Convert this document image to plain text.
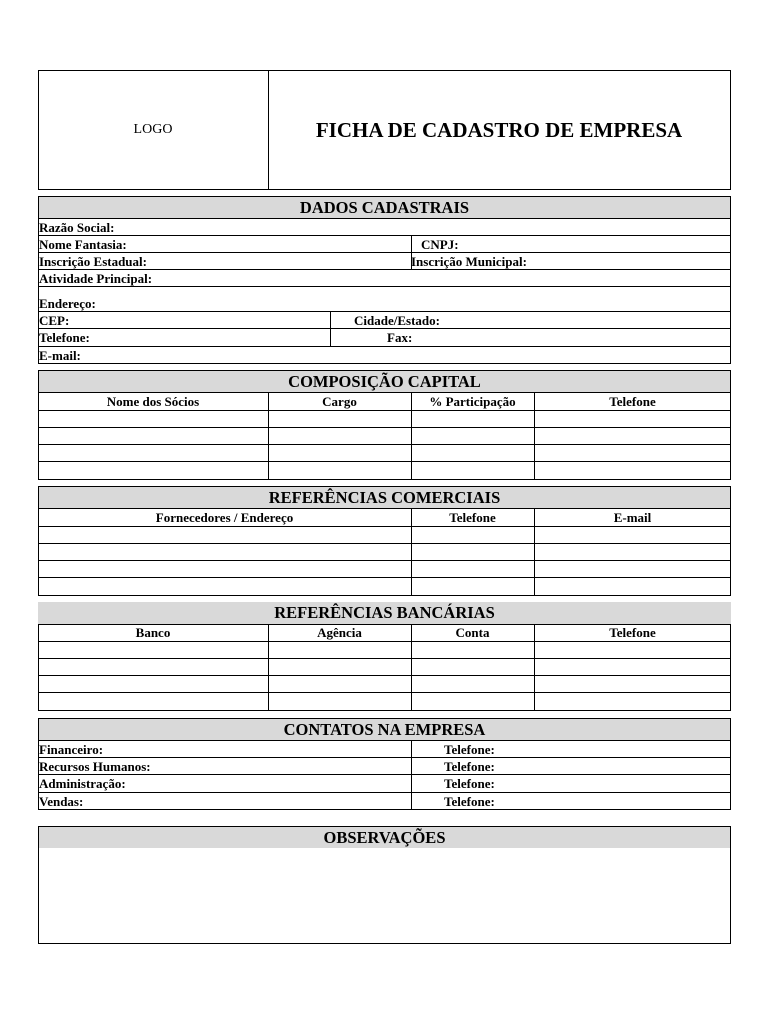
LOGO	FICHA DE CADASTRO DE EMPRESA
DADOS CADASTRAIS
Razão Social:
Nome Fantasia:	CNPJ:
Inscrição Estadual:	Inscrição Municipal:
Atividade Principal:
Endereço:
CEP:	Cidade/Estado:
Telefone:	Fax:
E-mail:
COMPOSIÇÃO CAPITAL
Nome dos Sócios	Cargo	% Participação	Telefone
REFERÊNCIAS COMERCIAIS
Fornecedores / Endereço	Telefone	E-mail
REFERÊNCIAS BANCÁRIAS
Banco	Agência	Conta	Telefone
CONTATOS NA EMPRESA
Financeiro:	Telefone:
Recursos Humanos:	Telefone:
Administração:	Telefone:
Vendas:	Telefone:
OBSERVAÇÕES
